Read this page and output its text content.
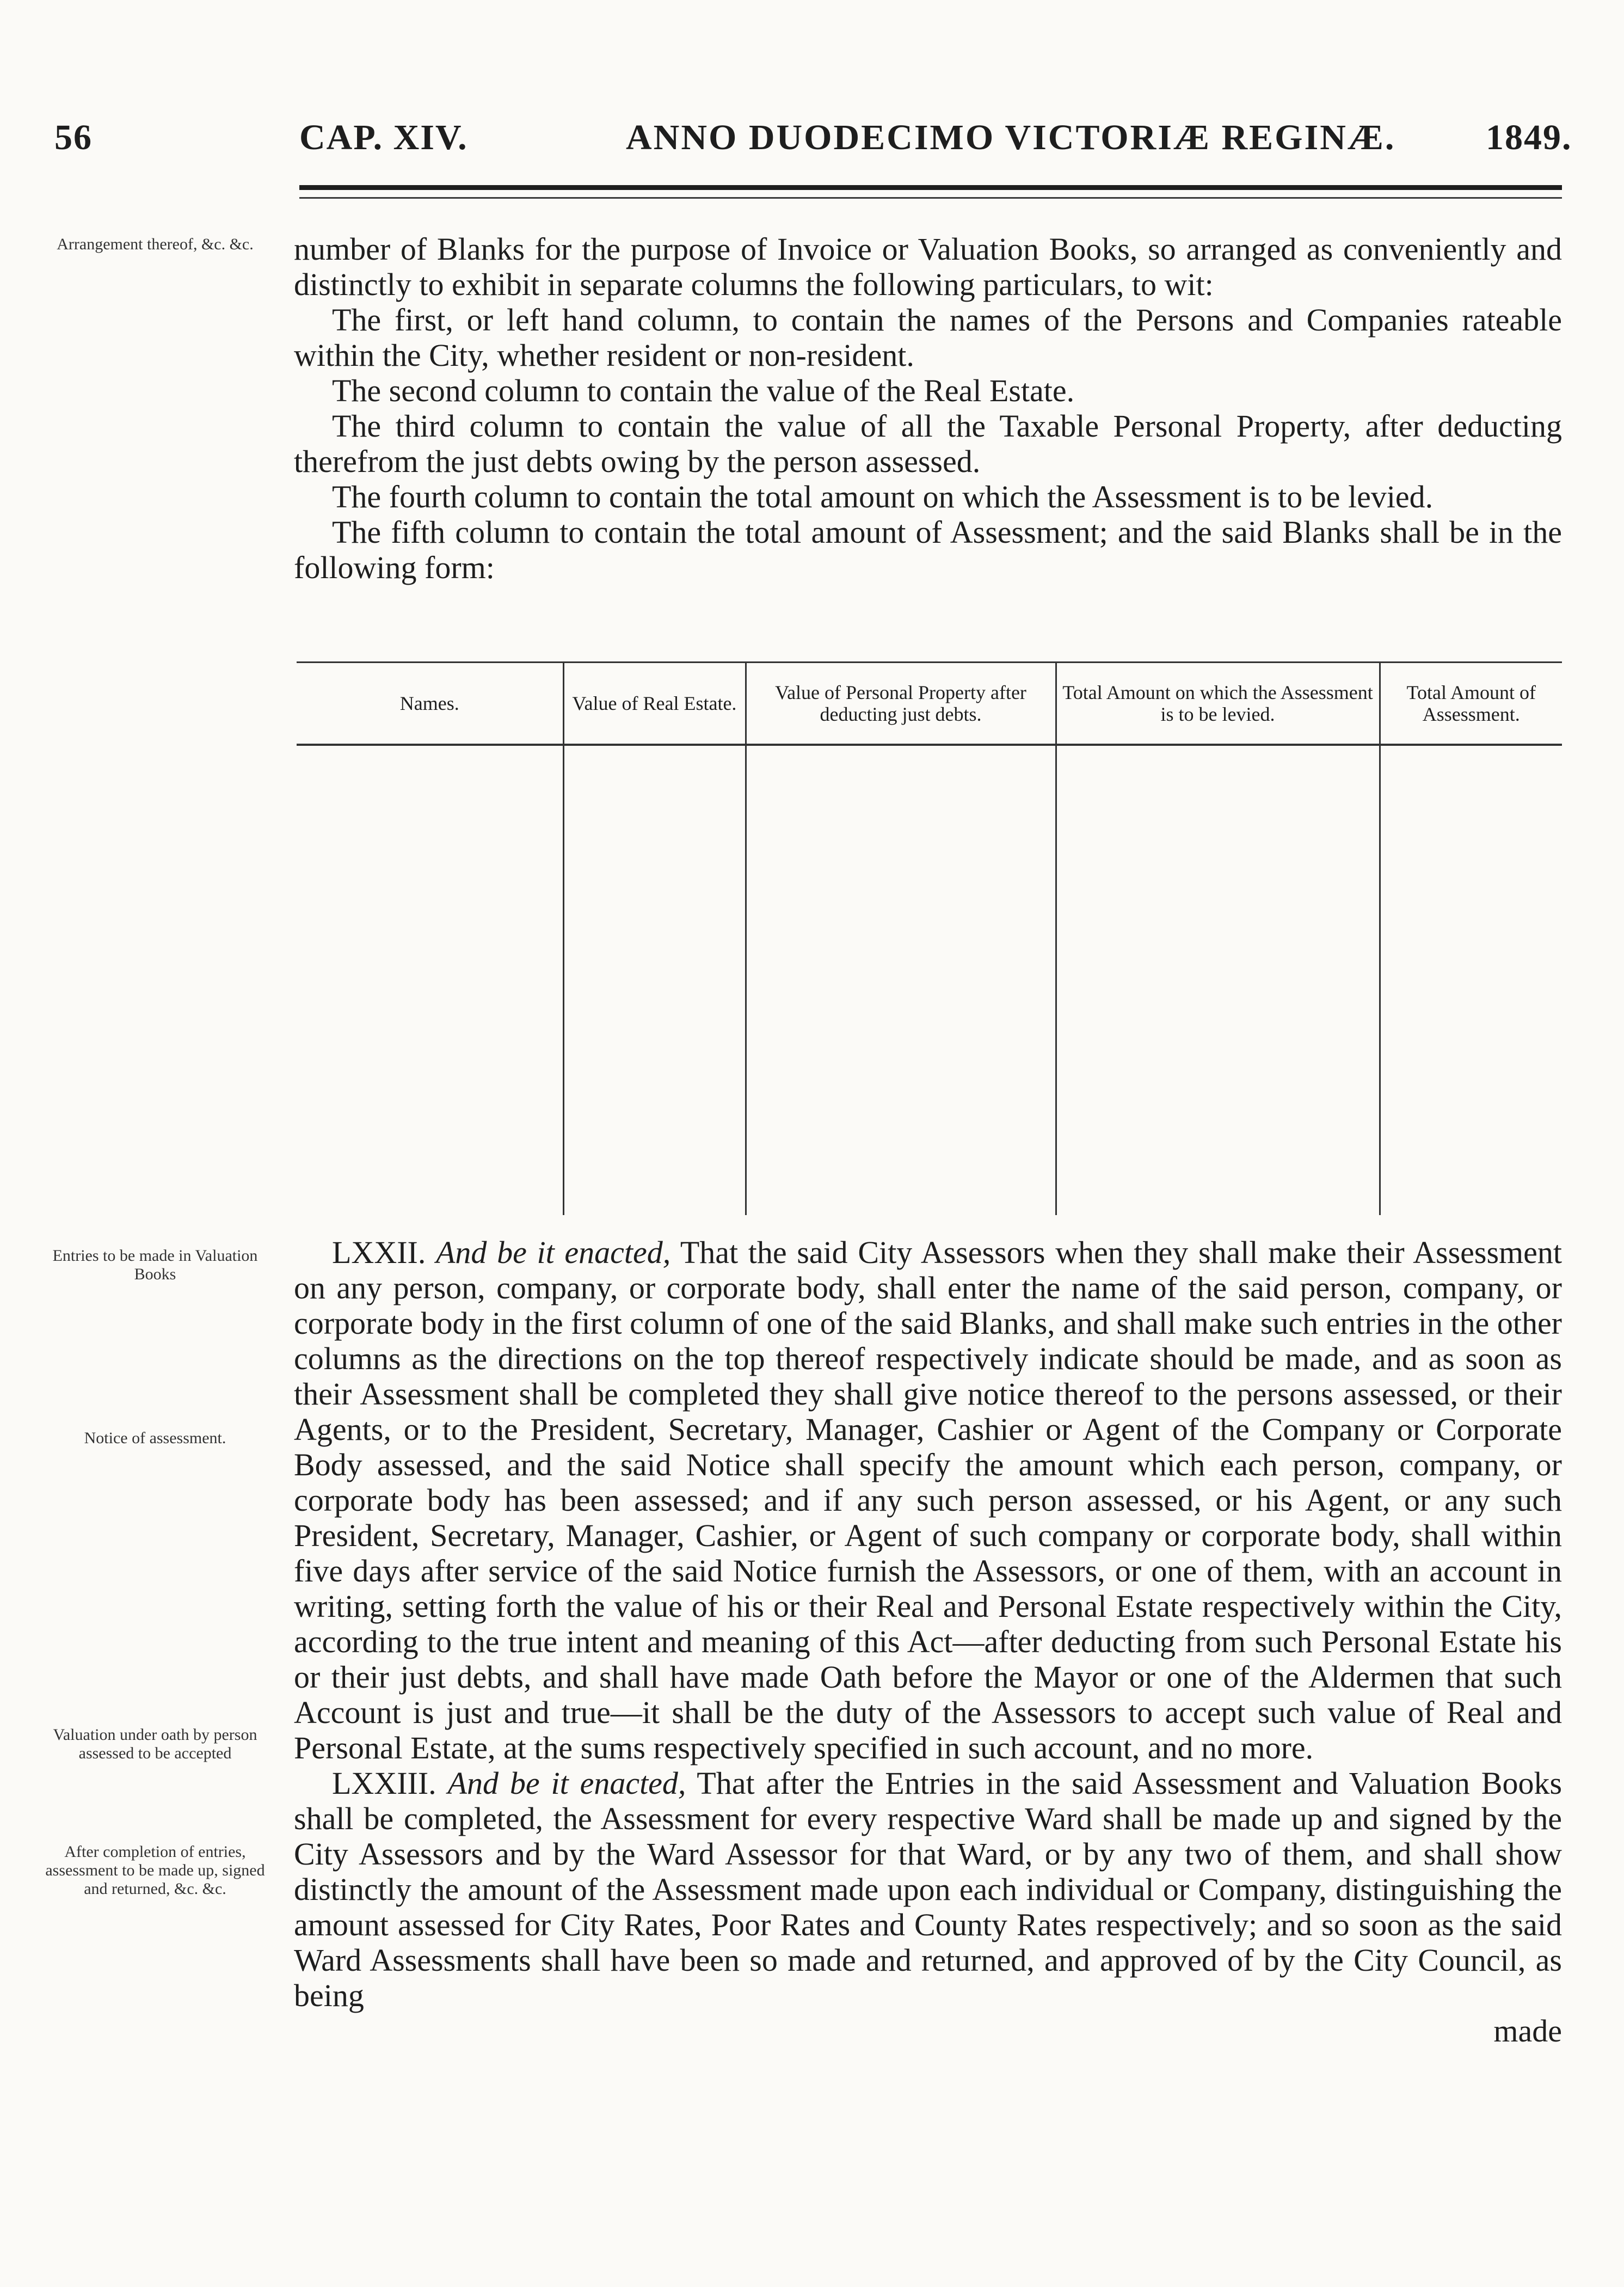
56	CAP. XIV.	ANNO DUODECIMO VICTORIÆ REGINÆ.	1849.
Arrangement thereof, &c. &c.
Entries to be made in Valuation Books
Notice of assessment.
Valuation under oath by person assessed to be accepted
After completion of entries, assessment to be made up, signed and returned, &c. &c.

number of Blanks for the purpose of Invoice or Valuation Books, so arranged as conveniently and distinctly to exhibit in separate columns the following particulars, to wit:

The first, or left hand column, to contain the names of the Persons and Companies rateable within the City, whether resident or non-resident.

The second column to contain the value of the Real Estate.

The third column to contain the value of all the Taxable Personal Property, after deducting therefrom the just debts owing by the person assessed.

The fourth column to contain the total amount on which the Assessment is to be levied.

The fifth column to contain the total amount of Assessment; and the said Blanks shall be in the following form:

Names.	Value of Real Estate.	Value of Personal Property after deducting just debts.	Total Amount on which the Assessment is to be levied.	Total Amount of Assessment.

LXXII. And be it enacted, That the said City Assessors when they shall make their Assessment on any person, company, or corporate body, shall enter the name of the said person, company, or corporate body in the first column of one of the said Blanks, and shall make such entries in the other columns as the directions on the top thereof respectively indicate should be made, and as soon as their Assessment shall be completed they shall give notice thereof to the persons assessed, or their Agents, or to the President, Secretary, Manager, Cashier or Agent of the Company or Corporate Body assessed, and the said Notice shall specify the amount which each person, company, or corporate body has been assessed; and if any such person assessed, or his Agent, or any such President, Secretary, Manager, Cashier, or Agent of such company or corporate body, shall within five days after service of the said Notice furnish the Assessors, or one of them, with an account in writing, setting forth the value of his or their Real and Personal Estate respectively within the City, according to the true intent and meaning of this Act—after deducting from such Personal Estate his or their just debts, and shall have made Oath before the Mayor or one of the Aldermen that such Account is just and true—it shall be the duty of the Assessors to accept such value of Real and Personal Estate, at the sums respectively specified in such account, and no more.

LXXIII. And be it enacted, That after the Entries in the said Assessment and Valuation Books shall be completed, the Assessment for every respective Ward shall be made up and signed by the City Assessors and by the Ward Assessor for that Ward, or by any two of them, and shall show distinctly the amount of the Assessment made upon each individual or Company, distinguishing the amount assessed for City Rates, Poor Rates and County Rates respectively; and so soon as the said Ward Assessments shall have been so made and returned, and approved of by the City Council, as being

made
